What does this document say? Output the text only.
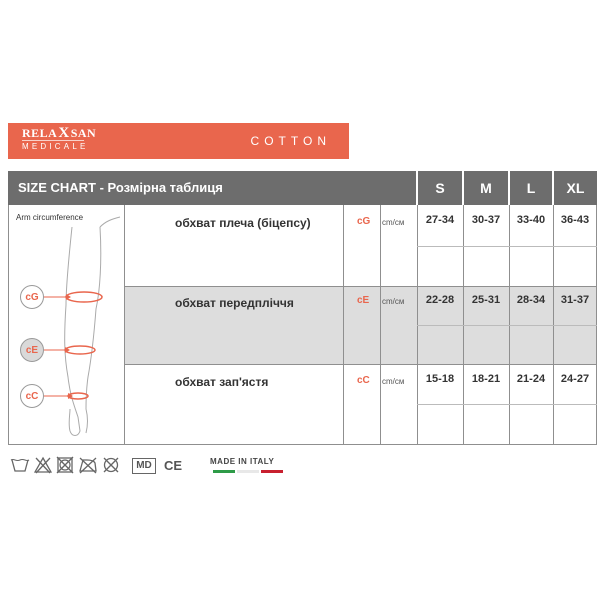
RELA X SAN
MEDICALE	COTTON
SIZE CHART - Розмірна таблиця	S	M	L	XL
Arm circumference
cG
cE
cC
обхват плеча (біцепсу)	cG cm/см	27-34	30-37	33-40	36-43
обхват передпліччя	cE cm/см	22-28	25-31	28-34	31-37
обхват зап'ястя	cC cm/см	15-18	18-21	21-24	24-27
MD CE	MADE IN ITALY
